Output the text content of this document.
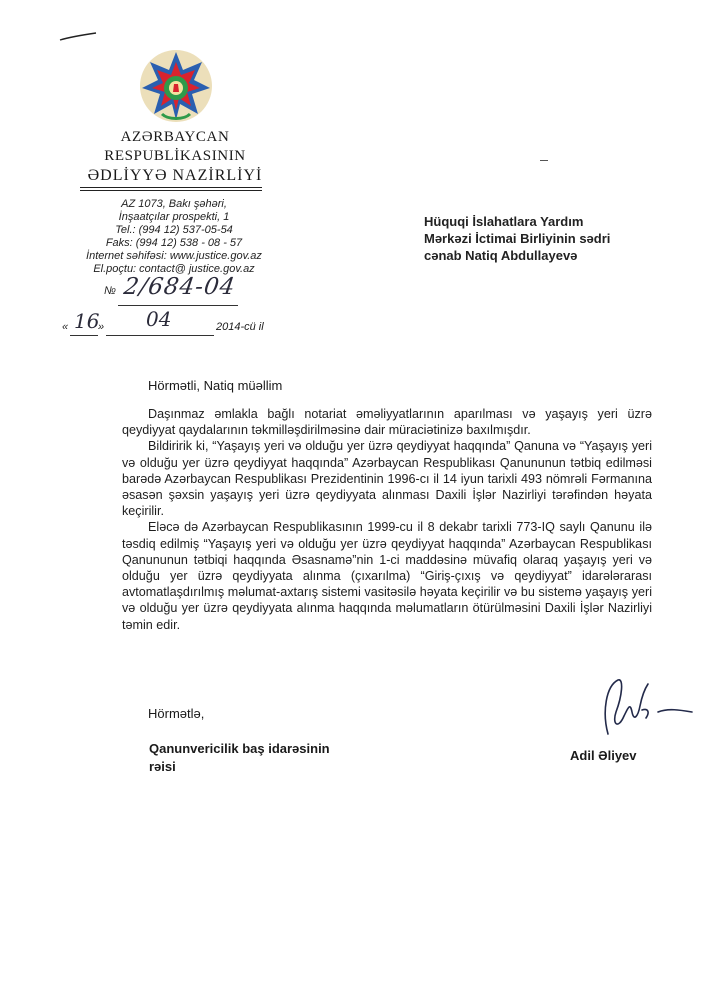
AZƏRBAYCAN
RESPUBLİKASININ
ƏDLİYYƏ NAZİRLİYİ
AZ 1073, Bakı şəhəri,
İnşaatçılar prospekti, 1
Tel.: (994 12) 537-05-54
Faks: (994 12) 538 - 08 - 57
İnternet səhifəsi: www.justice.gov.az
El.poçtu: contact@ justice.gov.az
№ 2/684-04
« 16
» 04	2014-cü il
Hüquqi İslahatlara Yardım
Mərkəzi İctimai Birliyinin sədri
cənab Natiq Abdullayevə
Hörmətli, Natiq müəllim

Daşınmaz əmlakla bağlı notariat əməliyyatlarının aparılması və yaşayış yeri üzrə qeydiyyat qaydalarının təkmilləşdirilməsinə dair müraciətinizə baxılmışdır.

Bildiririk ki, “Yaşayış yeri və olduğu yer üzrə qeydiyyat haqqında” Qanuna və “Yaşayış yeri və olduğu yer üzrə qeydiyyat haqqında” Azərbaycan Respublikası Qanununun tətbiq edilməsi barədə Azərbaycan Respublikası Prezidentinin 1996-cı il 14 iyun tarixli 493 nömrəli Fərmanına əsasən şəxsin yaşayış yeri üzrə qeydiyyata alınması Daxili İşlər Nazirliyi tərəfindən həyata keçirilir.

Eləcə də Azərbaycan Respublikasının 1999-cu il 8 dekabr tarixli 773-IQ saylı Qanunu ilə təsdiq edilmiş “Yaşayış yeri və olduğu yer üzrə qeydiyyat haqqında” Azərbaycan Respublikası Qanununun tətbiqi haqqında Əsasnamə”nin 1-ci maddəsinə müvafiq olaraq yaşayış yeri və olduğu yer üzrə qeydiyyata alınma (çıxarılma) “Giriş-çıxış və qeydiyyat” idarələrarası avtomatlaşdırılmış məlumat-axtarış sistemi vasitəsilə həyata keçirilir və bu sistemə yaşayış yeri və olduğu yer üzrə qeydiyyata alınma haqqında məlumatların ötürülməsini Daxili İşlər Nazirliyi təmin edir.

Hörmətlə,
Qanunvericilik baş idarəsinin
rəisi
Adil Əliyev
